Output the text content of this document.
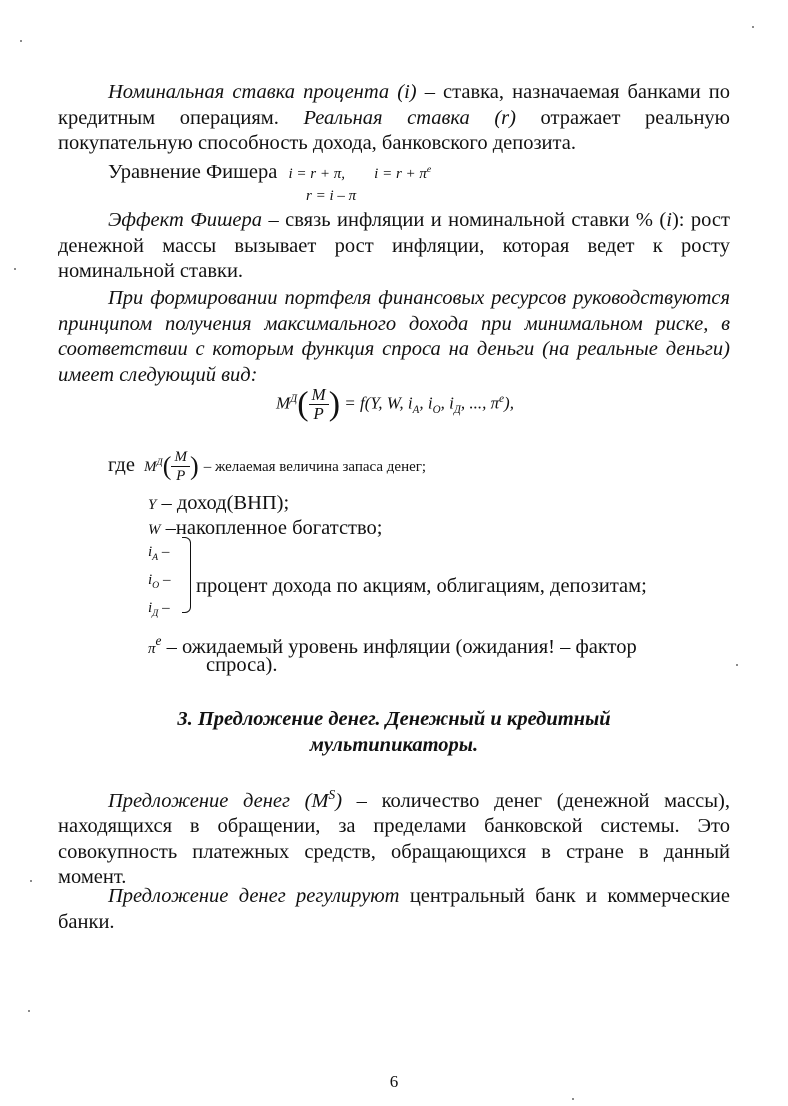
Номинальная ставка процента (i) – ставка, назначаемая банками по кредитным операциям. Реальная ставка (r) отражает реальную покупательную способность дохода, банковского депозита.
Уравнение Фишера i = r + π, $i = r + \pi^e$
r = i – π
Эффект Фишера – связь инфляции и номинальной ставки % (i): рост денежной массы вызывает рост инфляции, которая ведет к росту номинальной ставки.
При формировании портфеля финансовых ресурсов руководствуются принципом получения максимального дохода при минимальном риске, в соответствии с которым функция спроса на деньги (на реальные деньги) имеет следующий вид:
$M^Д( \frac{M}{P}$ ) = f(Y, W, $i_А$, $i_О$, $i_Д$, ..., $\pi^e$),
где $M^Д( \frac{M}{P}$ ) – желаемая величина запаса денег;
Y – доход(ВНП);
W –накопленное богатство;
$i_А$ –
$i_О$ –
$i_Д$ –
процент дохода по акциям, облигациям, депозитам;
$\pi^e$ – ожидаемый уровень инфляции (ожидания! – фактор
спроса).
3. Предложение денег. Денежный и кредитный
мультипикаторы.
Предложение денег $(M^S)$ – количество денег (денежной массы), находящихся в обращении, за пределами банковской системы. Это совокупность платежных средств, обращающихся в стране в данный момент.
Предложение денег регулируют центральный банк и коммерческие банки.
6
